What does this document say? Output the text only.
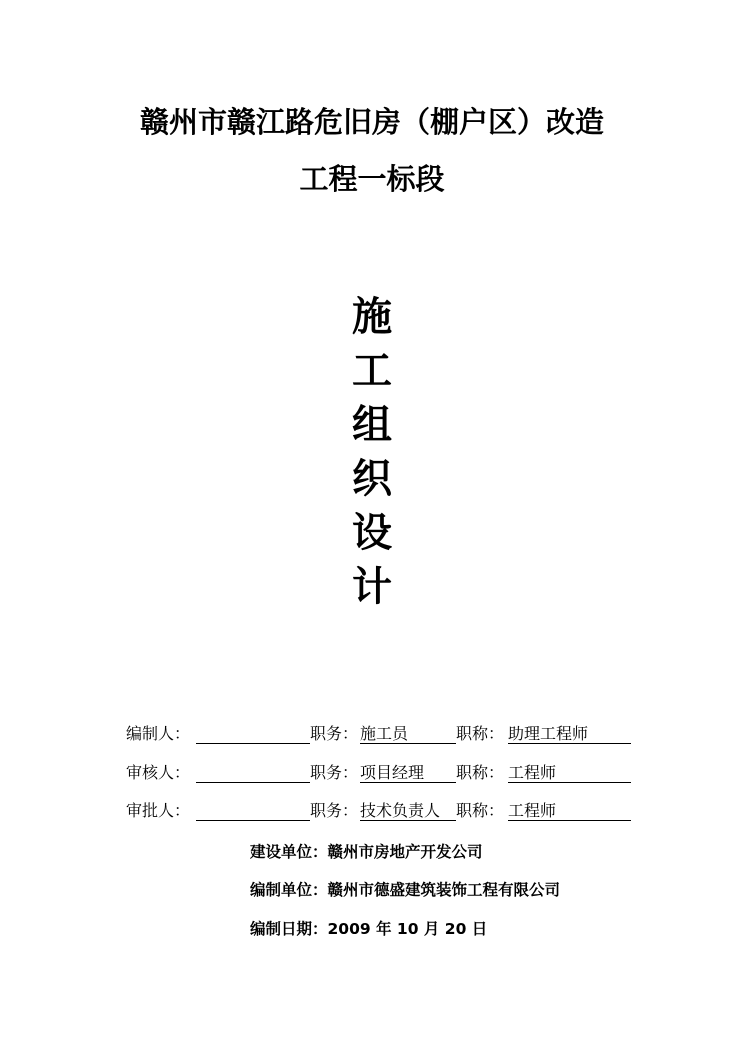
赣州市赣江路危旧房（棚户区）改造
工程一标段
施
工
组
织
设
计
编制人：	职务： 施工员	职称： 助理工程师
审核人：	职务： 项目经理	职称： 工程师
审批人：	职务： 技术负责人 职称： 工程师
建设单位：赣州市房地产开发公司
编制单位：赣州市德盛建筑装饰工程有限公司
编制日期：2009 年 10 月 20 日
